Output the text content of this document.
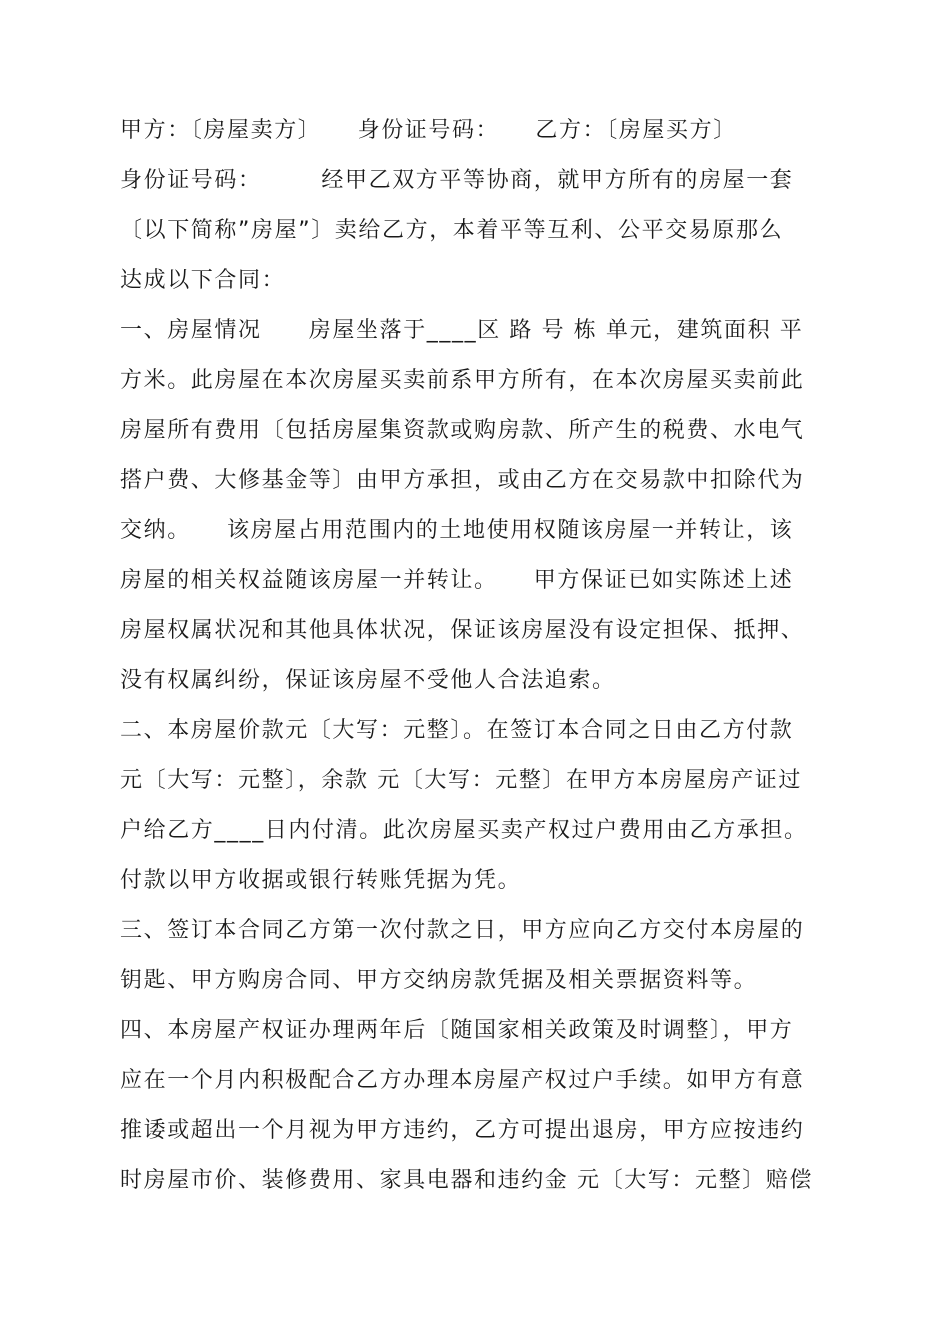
甲方：〔房屋卖方〕　　身份证号码：　　乙方：〔房屋买方〕
身份证号码：　　　经甲乙双方平等协商，就甲方所有的房屋一套
〔以下简称”房屋”〕卖给乙方，本着平等互利、公平交易原那么
达成以下合同：
一、房屋情况　　房屋坐落于____区 路 号 栋 单元，建筑面积 平
方米。此房屋在本次房屋买卖前系甲方所有，在本次房屋买卖前此
房屋所有费用〔包括房屋集资款或购房款、所产生的税费、水电气
搭户费、大修基金等〕由甲方承担，或由乙方在交易款中扣除代为
交纳。　　该房屋占用范围内的土地使用权随该房屋一并转让，该
房屋的相关权益随该房屋一并转让。　　甲方保证已如实陈述上述
房屋权属状况和其他具体状况，保证该房屋没有设定担保、抵押、
没有权属纠纷，保证该房屋不受他人合法追索。
二、本房屋价款元〔大写：元整〕。在签订本合同之日由乙方付款
元〔大写：元整〕，余款 元〔大写：元整〕在甲方本房屋房产证过
户给乙方____日内付清。此次房屋买卖产权过户费用由乙方承担。
付款以甲方收据或银行转账凭据为凭。
三、签订本合同乙方第一次付款之日，甲方应向乙方交付本房屋的
钥匙、甲方购房合同、甲方交纳房款凭据及相关票据资料等。
四、本房屋产权证办理两年后〔随国家相关政策及时调整〕，甲方
应在一个月内积极配合乙方办理本房屋产权过户手续。如甲方有意
推诿或超出一个月视为甲方违约，乙方可提出退房，甲方应按违约
时房屋市价、装修费用、家具电器和违约金 元〔大写：元整〕赔偿
